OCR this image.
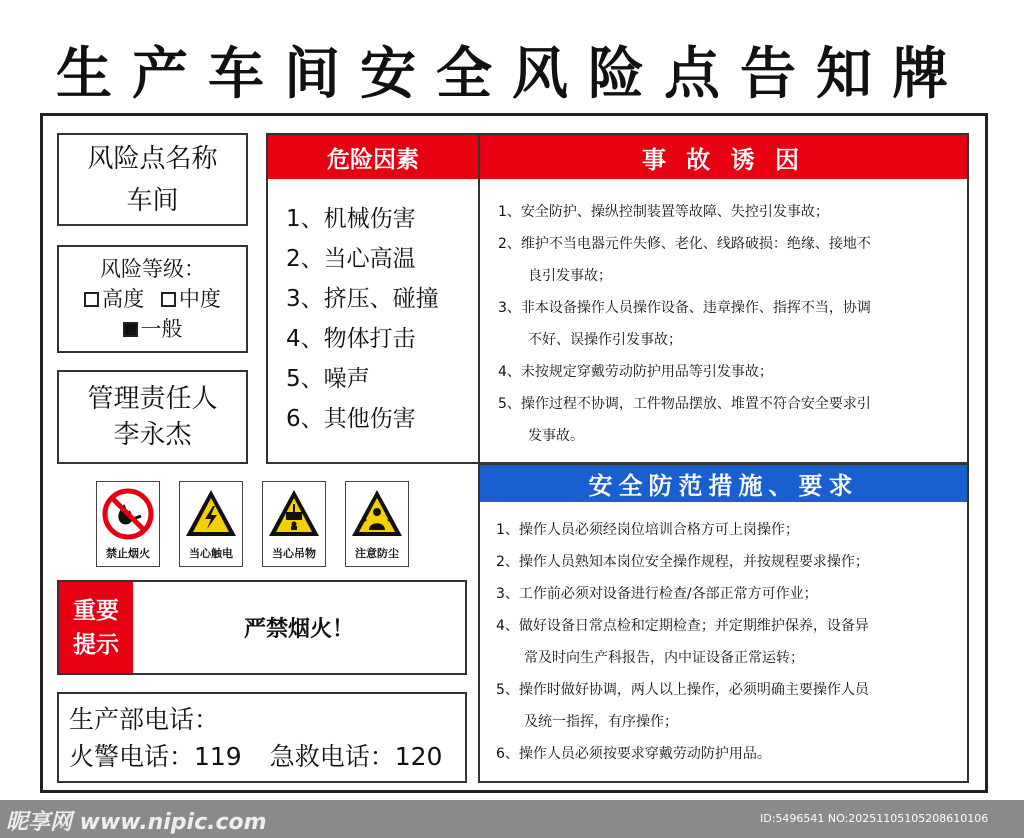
生产车间安全风险点告知牌
风险点名称
车间
风险等级：
高度 中度
一般
管理责任人
李永杰
危险因素
1、机械伤害
2、当心高温
3、挤压、碰撞
4、物体打击
5、噪声
6、其他伤害
事 故 诱 因
1、安全防护、操纵控制装置等故障、失控引发事故；
2、维护不当电器元件失修、老化、线路破损：绝缘、接地不
良引发事故；
3、非本设备操作人员操作设备、违章操作、指挥不当，协调
不好、误操作引发事故；
4、未按规定穿戴劳动防护用品等引发事故；
5、操作过程不协调，工件物品摆放、堆置不符合安全要求引
发事故。
安全防范措施、要求
1、操作人员必须经岗位培训合格方可上岗操作；
2、操作人员熟知本岗位安全操作规程，并按规程要求操作；
3、工作前必须对设备进行检查/各部正常方可作业；
4、做好设备日常点检和定期检查；并定期维护保养，设备异
常及时向生产科报告，内中证设备正常运转；
5、操作时做好协调，两人以上操作，必须明确主要操作人员
及统一指挥，有序操作；
6、操作人员必须按要求穿戴劳动防护用品。
禁止烟火	当心触电	当心吊物	注意防尘
重要
提示
严禁烟火！
生产部电话：
火警电话：119 急救电话：120
昵享网 www.nipic.com	ID:5496541 NO:20251105105208610106
